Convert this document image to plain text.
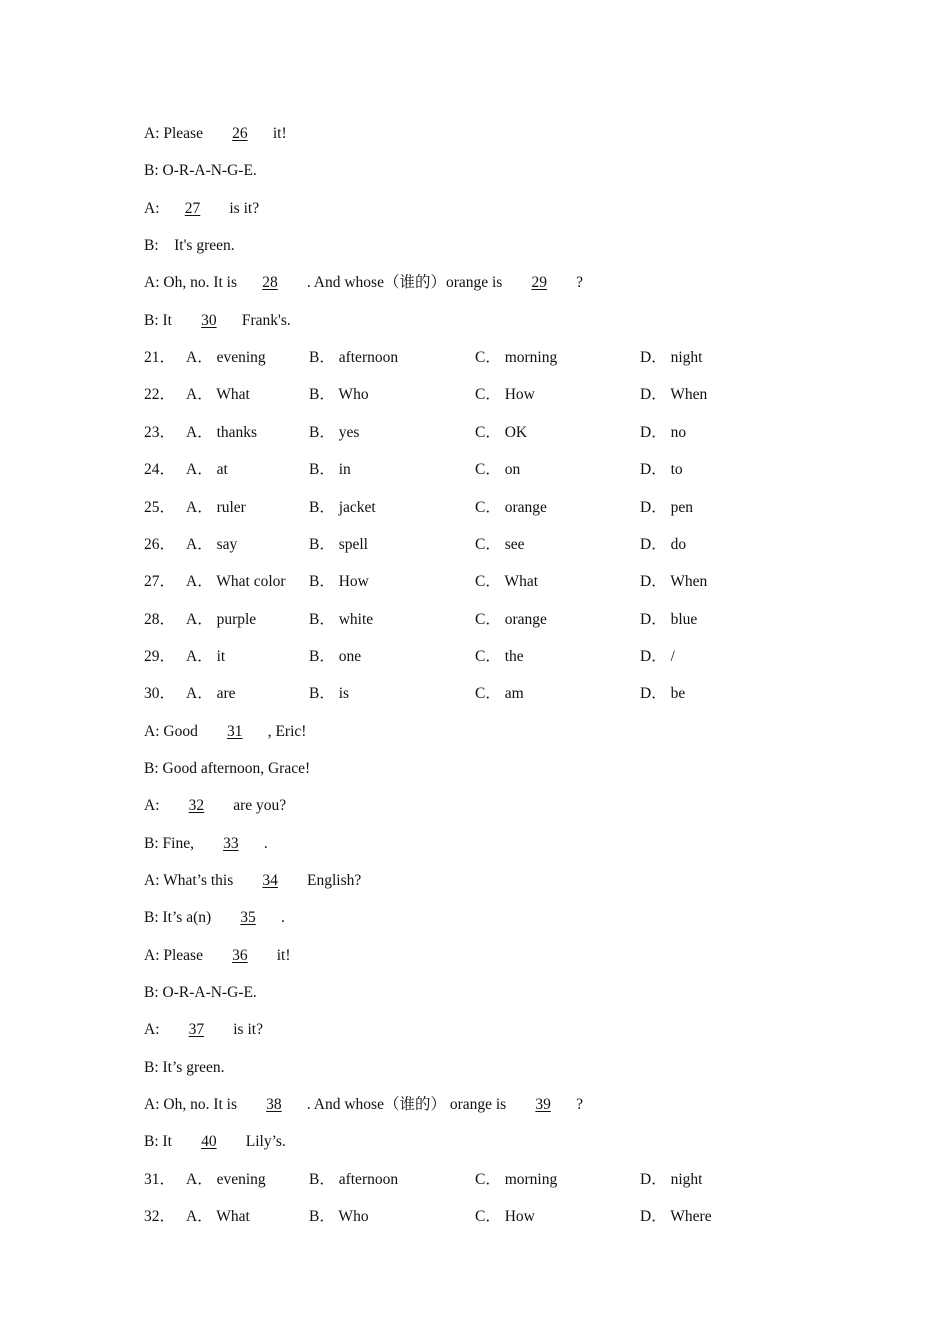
A: Please 26 it!
B: O-R-A-N-G-E.
A: 27 is it?
B:    It's green.
A: Oh, no. It is 28 . And whose（谁的）orange is 29 ?
B: It 30 Frank's.
21． A． evening	B． afternoon	C． morning	D． night
22． A． What	B． Who	C． How	D． When
23． A． thanks	B． yes	C． OK	D． no
24． A． at	B． in	C． on	D． to
25． A． ruler	B． jacket	C． orange	D． pen
26． A． say	B． spell	C． see	D． do
27． A． What color B． How	C． What	D． When
28． A． purple	B． white	C． orange	D． blue
29． A． it	B． one	C． the	D． /
30． A． are	B． is	C． am	D． be
A: Good 31 , Eric!
B: Good afternoon, Grace!
A: 32 are you?
B: Fine, 33 .
A: What’s this 34 English?
B: It’s a(n) 35 .
A: Please 36 it!
B: O-R-A-N-G-E.
A: 37 is it?
B: It’s green.
A: Oh, no. It is 38 . And whose（谁的） orange is 39 ?
B: It 40 Lily’s.
31． A． evening	B． afternoon	C． morning	D． night
32． A． What	B． Who	C． How	D． Where
